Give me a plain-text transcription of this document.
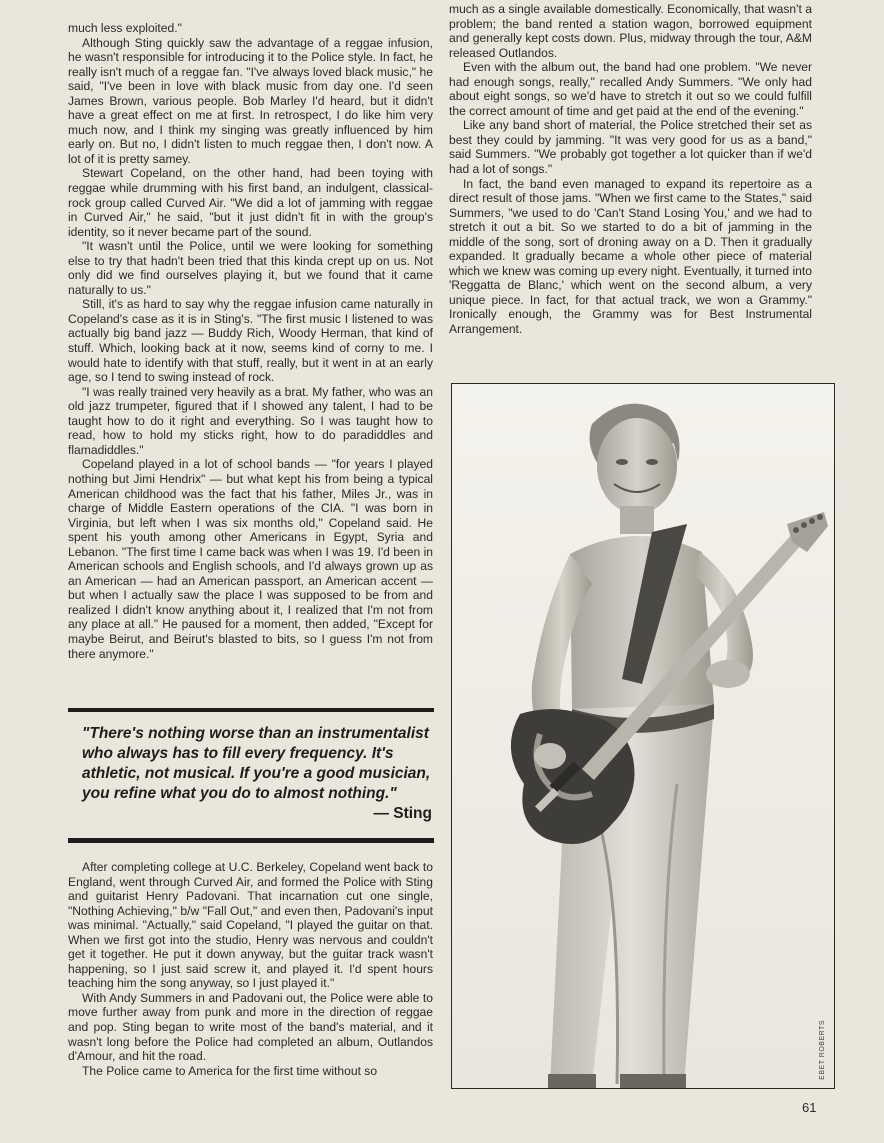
much less exploited."

Although Sting quickly saw the advantage of a reggae infusion, he wasn't responsible for introducing it to the Police style. In fact, he really isn't much of a reggae fan. "I've always loved black music," he said, "I've been in love with black music from day one. I'd seen James Brown, various people. Bob Marley I'd heard, but it didn't have a great effect on me at first. In retrospect, I do like him very much now, and I think my singing was greatly influenced by him early on. But no, I didn't listen to much reggae then, I don't now. A lot of it is pretty samey.

Stewart Copeland, on the other hand, had been toying with reggae while drumming with his first band, an indulgent, classical-rock group called Curved Air. "We did a lot of jamming with reggae in Curved Air," he said, "but it just didn't fit in with the group's identity, so it never became part of the sound.

"It wasn't until the Police, until we were looking for something else to try that hadn't been tried that this kinda crept up on us. Not only did we find ourselves playing it, but we found that it came naturally to us."

Still, it's as hard to say why the reggae infusion came naturally in Copeland's case as it is in Sting's. "The first music I listened to was actually big band jazz — Buddy Rich, Woody Herman, that kind of stuff. Which, looking back at it now, seems kind of corny to me. I would hate to identify with that stuff, really, but it went in at an early age, so I tend to swing instead of rock.

"I was really trained very heavily as a brat. My father, who was an old jazz trumpeter, figured that if I showed any talent, I had to be taught how to do it right and everything. So I was taught how to read, how to hold my sticks right, how to do paradiddles and flamadiddles."

Copeland played in a lot of school bands — "for years I played nothing but Jimi Hendrix" — but what kept his from being a typical American childhood was the fact that his father, Miles Jr., was in charge of Middle Eastern operations of the CIA. "I was born in Virginia, but left when I was six months old," Copeland said. He spent his youth among other Americans in Egypt, Syria and Lebanon. "The first time I came back was when I was 19. I'd been in American schools and English schools, and I'd always grown up as an American — had an American passport, an American accent — but when I actually saw the place I was supposed to be from and realized I didn't know anything about it, I realized that I'm not from any place at all." He paused for a moment, then added, "Except for maybe Beirut, and Beirut's blasted to bits, so I guess I'm not from there anymore."

"There's nothing worse than an instrumentalist who always has to fill every frequency. It's athletic, not musical. If you're a good musician, you refine what you do to almost nothing."
— Sting

After completing college at U.C. Berkeley, Copeland went back to England, went through Curved Air, and formed the Police with Sting and guitarist Henry Padovani. That incarnation cut one single, "Nothing Achieving," b/w "Fall Out," and even then, Padovani's input was minimal. "Actually," said Copeland, "I played the guitar on that. When we first got into the studio, Henry was nervous and couldn't get it together. He put it down anyway, but the guitar track wasn't happening, so I just said screw it, and played it. I'd spent hours teaching him the song anyway, so I just played it."

With Andy Summers in and Padovani out, the Police were able to move further away from punk and more in the direction of reggae and pop. Sting began to write most of the band's material, and it wasn't long before the Police had completed an album, Outlandos d'Amour, and hit the road.

The Police came to America for the first time without so

much as a single available domestically. Economically, that wasn't a problem; the band rented a station wagon, borrowed equipment and generally kept costs down. Plus, midway through the tour, A&M released Outlandos.

Even with the album out, the band had one problem. "We never had enough songs, really," recalled Andy Summers. "We only had about eight songs, so we'd have to stretch it out so we could fulfill the correct amount of time and get paid at the end of the evening."

Like any band short of material, the Police stretched their set as best they could by jamming. "It was very good for us as a band," said Summers. "We probably got together a lot quicker than if we'd had a lot of songs."

In fact, the band even managed to expand its repertoire as a direct result of those jams. "When we first came to the States," said Summers, "we used to do 'Can't Stand Losing You,' and we had to stretch it out a bit. So we started to do a bit of jamming in the middle of the song, sort of droning away on a D. Then it gradually expanded. It gradually became a whole other piece of material which we knew was coming up every night. Eventually, it turned into 'Reggatta de Blanc,' which went on the second album, a very unique piece. In fact, for that actual track, we won a Grammy." Ironically enough, the Grammy was for Best Instrumental Arrangement.

EBET ROBERTS
61
